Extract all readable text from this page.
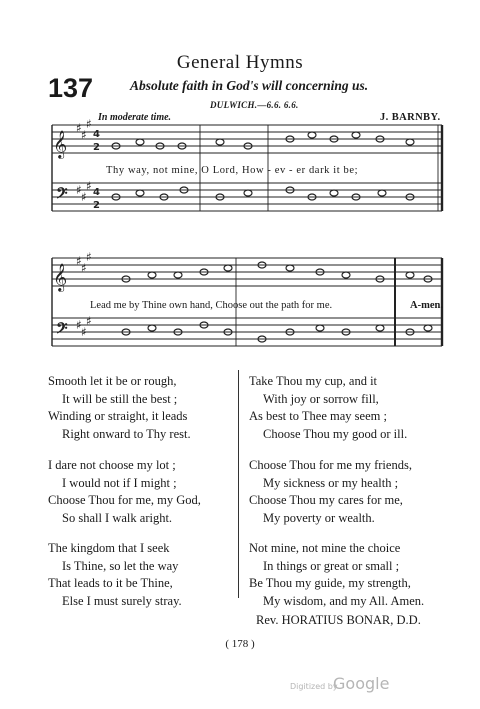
General Hymns
137	Absolute faith in God's will concerning us.
DULWICH.—6.6. 6.6.
In moderate time.	J. BARNBY.
𝄞
♯ ♯
♯
♯ ♯
♯
4
2
4
2
𝄢
Thy way, not mine, O Lord, How - ev - er dark it be;
𝄞
♯ ♯
♯
♯ ♯
♯
𝄢
Lead me by Thine own hand, Choose out the path for me.	A-men.
Smooth let it be or rough,
It will be still the best ;
Winding or straight, it leads
Right onward to Thy rest.
I dare not choose my lot ;
I would not if I might ;
Choose Thou for me, my God,
So shall I walk aright.
The kingdom that I seek
Is Thine, so let the way
That leads to it be Thine,
Else I must surely stray.
Take Thou my cup, and it
With joy or sorrow fill,
As best to Thee may seem ;
Choose Thou my good or ill.
Choose Thou for me my friends,
My sickness or my health ;
Choose Thou my cares for me,
My poverty or wealth.
Not mine, not mine the choice
In things or great or small ;
Be Thou my guide, my strength,
My wisdom, and my All. Amen.
Rev. HORATIUS BONAR, D.D.
( 178 )
Digitized by
Google
